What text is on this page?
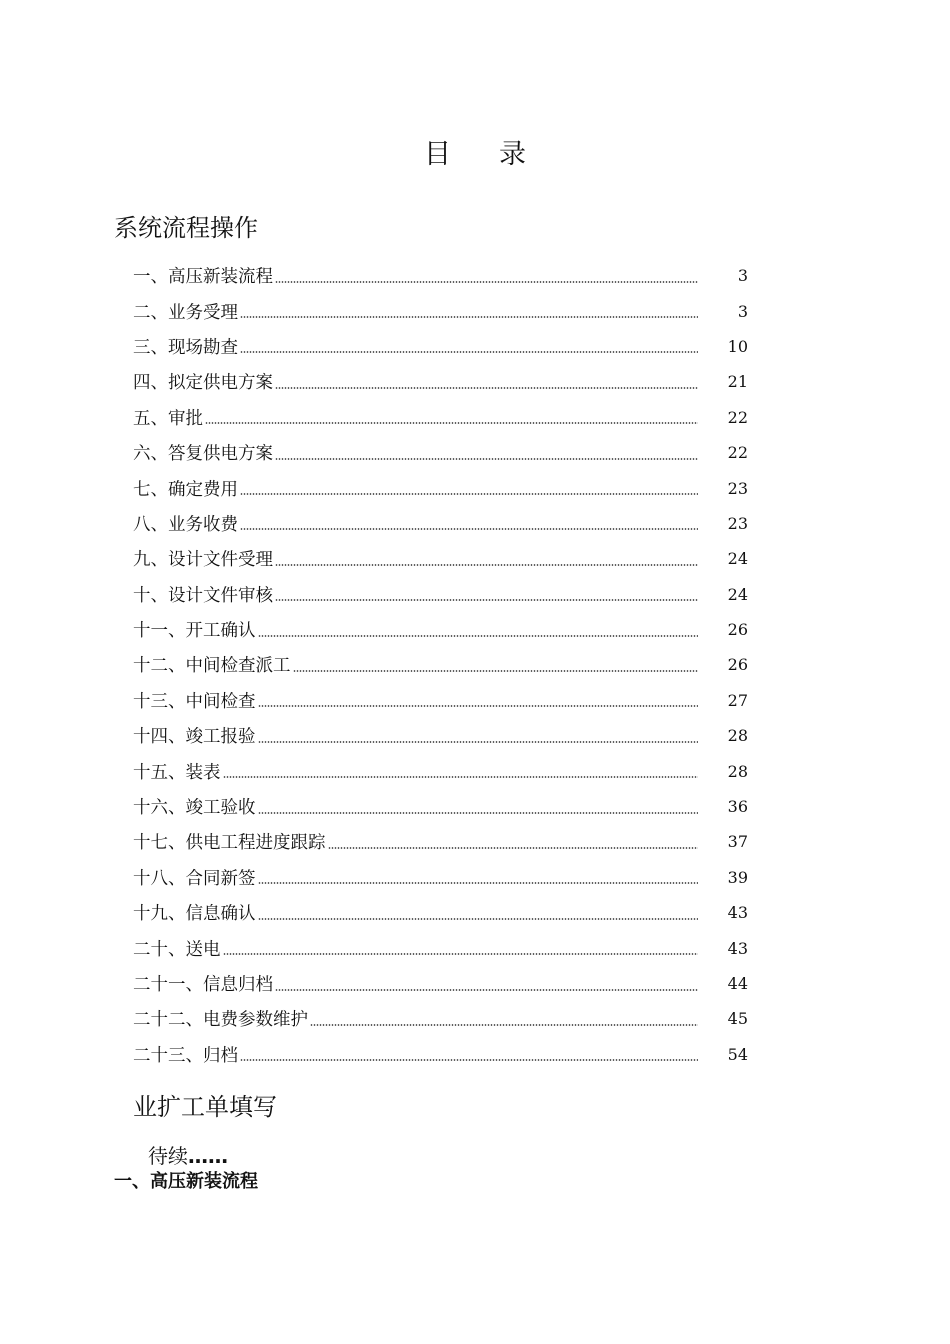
目录
系统流程操作
一、高压新装流程	3
二、业务受理	3
三、现场勘查	10
四、拟定供电方案	21
五、审批	22
六、答复供电方案	22
七、确定费用	23
八、业务收费	23
九、设计文件受理	24
十、设计文件审核	24
十一、开工确认	26
十二、中间检查派工	26
十三、中间检查	27
十四、竣工报验	28
十五、装表	28
十六、竣工验收	36
十七、供电工程进度跟踪	37
十八、合同新签	39
十九、信息确认	43
二十、送电	43
二十一、信息归档	44
二十二、电费参数维护	45
二十三、归档	54
业扩工单填写
待续……
一、高压新装流程
